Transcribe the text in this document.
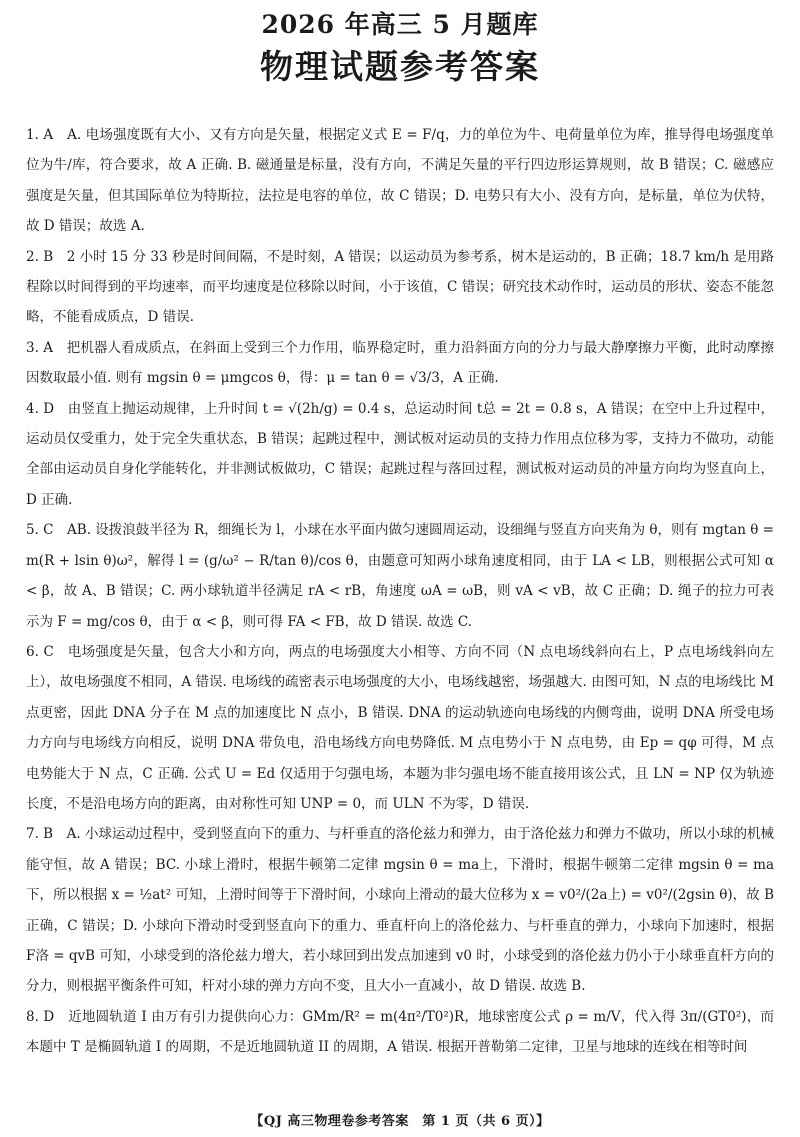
2026 年高三 5 月题库
物理试题参考答案

1. A　A. 电场强度既有大小、又有方向是矢量，根据定义式 E = F/q，力的单位为牛、电荷量单位为库，推导得电场强度单位为牛/库，符合要求，故 A 正确. B. 磁通量是标量，没有方向，不满足矢量的平行四边形运算规则，故 B 错误；C. 磁感应强度是矢量，但其国际单位为特斯拉，法拉是电容的单位，故 C 错误；D. 电势只有大小、没有方向，是标量，单位为伏特，故 D 错误；故选 A.

2. B　2 小时 15 分 33 秒是时间间隔，不是时刻，A 错误；以运动员为参考系，树木是运动的，B 正确；18.7 km/h 是用路程除以时间得到的平均速率，而平均速度是位移除以时间，小于该值，C 错误；研究技术动作时，运动员的形状、姿态不能忽略，不能看成质点，D 错误.

3. A　把机器人看成质点，在斜面上受到三个力作用，临界稳定时，重力沿斜面方向的分力与最大静摩擦力平衡，此时动摩擦因数取最小值. 则有 mgsin θ = μmgcos θ，得：μ = tan θ = √3/3，A 正确.

4. D　由竖直上抛运动规律，上升时间 t = √(2h/g) = 0.4 s，总运动时间 t总 = 2t = 0.8 s，A 错误；在空中上升过程中，运动员仅受重力，处于完全失重状态，B 错误；起跳过程中，测试板对运动员的支持力作用点位移为零，支持力不做功，动能全部由运动员自身化学能转化，并非测试板做功，C 错误；起跳过程与落回过程，测试板对运动员的冲量方向均为竖直向上，D 正确.

5. C　AB. 设拨浪鼓半径为 R，细绳长为 l，小球在水平面内做匀速圆周运动，设细绳与竖直方向夹角为 θ，则有 mgtan θ = m(R + lsin θ)ω²，解得 l = (g/ω² − R/tan θ)/cos θ，由题意可知两小球角速度相同，由于 LA < LB，则根据公式可知 α < β，故 A、B 错误；C. 两小球轨道半径满足 rA < rB，角速度 ωA = ωB，则 vA < vB，故 C 正确；D. 绳子的拉力可表示为 F = mg/cos θ，由于 α < β，则可得 FA < FB，故 D 错误. 故选 C.

6. C　电场强度是矢量，包含大小和方向，两点的电场强度大小相等、方向不同（N 点电场线斜向右上，P 点电场线斜向左上），故电场强度不相同，A 错误. 电场线的疏密表示电场强度的大小，电场线越密，场强越大. 由图可知，N 点的电场线比 M 点更密，因此 DNA 分子在 M 点的加速度比 N 点小，B 错误. DNA 的运动轨迹向电场线的内侧弯曲，说明 DNA 所受电场力方向与电场线方向相反，说明 DNA 带负电，沿电场线方向电势降低. M 点电势小于 N 点电势，由 Ep = qφ 可得，M 点电势能大于 N 点，C 正确. 公式 U = Ed 仅适用于匀强电场，本题为非匀强电场不能直接用该公式，且 LN = NP 仅为轨迹长度，不是沿电场方向的距离，由对称性可知 UNP = 0，而 ULN 不为零，D 错误.

7. B　A. 小球运动过程中，受到竖直向下的重力、与杆垂直的洛伦兹力和弹力，由于洛伦兹力和弹力不做功，所以小球的机械能守恒，故 A 错误；BC. 小球上滑时，根据牛顿第二定律 mgsin θ = ma上，下滑时，根据牛顿第二定律 mgsin θ = ma下，所以根据 x = ½at² 可知，上滑时间等于下滑时间，小球向上滑动的最大位移为 x = v0²/(2a上) = v0²/(2gsin θ)，故 B 正确，C 错误；D. 小球向下滑动时受到竖直向下的重力、垂直杆向上的洛伦兹力、与杆垂直的弹力，小球向下加速时，根据 F洛 = qvB 可知，小球受到的洛伦兹力增大，若小球回到出发点加速到 v0 时，小球受到的洛伦兹力仍小于小球垂直杆方向的分力，则根据平衡条件可知，杆对小球的弹力方向不变，且大小一直减小，故 D 错误. 故选 B.

8. D　近地圆轨道 I 由万有引力提供向心力：GMm/R² = m(4π²/T0²)R，地球密度公式 ρ = m/V，代入得 3π/(GT0²)，而本题中 T 是椭圆轨道 I 的周期，不是近地圆轨道 II 的周期，A 错误. 根据开普勒第二定律，卫星与地球的连线在相等时间

【QJ 高三物理卷参考答案　第 1 页（共 6 页）】
